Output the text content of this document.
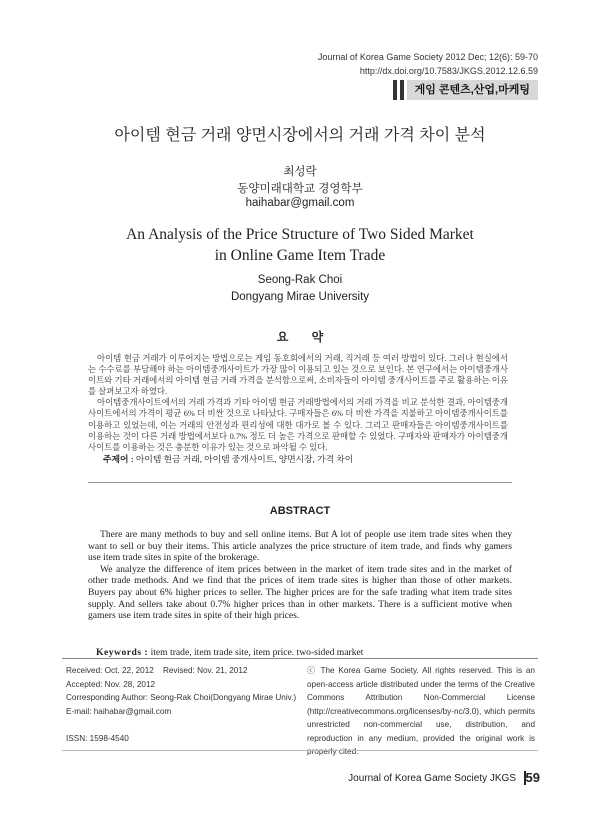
Journal of Korea Game Society 2012 Dec; 12(6): 59-70
http://dx.doi.org/10.7583/JKGS.2012.12.6.59
게임 콘텐츠,산업,마케팅
아이템 현금 거래 양면시장에서의 거래 가격 차이 분석
최성락
동양미래대학교 경영학부
haihabar@gmail.com
An Analysis of the Price Structure of Two Sided Market
in Online Game Item Trade
Seong-Rak Choi
Dongyang Mirae University
요 약

아이템 현금 거래가 이루어지는 방법으로는 게임 동호회에서의 거래, 직거래 등 여러 방법이 있다. 그러나 현실에서는 수수료를 부담해야 하는 아이템중개사이트가 가장 많이 이용되고 있는 것으로 보인다. 본 연구에서는 아이템중개사이트와 기타 거래에서의 아이템 현금 거래 가격을 분석함으로써, 소비자들이 아이템 중개사이트를 주로 활용하는 이유를 살펴보고자 하였다.

아이템중개사이트에서의 거래 가격과 기타 아이템 현금 거래방법에서의 거래 가격을 비교 분석한 결과, 아이템중개사이트에서의 가격이 평균 6% 더 비싼 것으로 나타났다. 구매자들은 6% 더 비싼 가격을 지불하고 아이템중개사이트를 이용하고 있었는데, 이는 거래의 안전성과 편리성에 대한 대가로 볼 수 있다. 그리고 판매자들은 아이템중개사이트를 이용하는 것이 다른 거래 방법에서보다 0.7% 정도 더 높은 가격으로 판매할 수 있었다. 구매자와 판매자가 아이템중개사이트를 이용하는 것은 충분한 이유가 있는 것으로 파악될 수 있다.

주제어 : 아이템 현금 거래, 아이템 중개사이트, 양면시장, 가격 차이
ABSTRACT

There are many methods to buy and sell online items. But A lot of people use item trade sites when they want to sell or buy their items. This article analyzes the price structure of item trade, and finds why gamers use item trade sites in spite of the brokerage.

We analyze the difference of item prices between in the market of item trade sites and in the market of other trade methods. And we find that the prices of item trade sites is higher than those of other markets. Buyers pay about 6% higher prices to seller. The higher prices are for the safe trading what item trade sites supply. And sellers take about 0.7% higher prices than in other markets. There is a sufficient motive when gamers use item trade sites in spite of their high prices.

Keywords : item trade, item trade site, item price. two-sided market
Received: Oct. 22, 2012 Revised: Nov. 21, 2012
Accepted: Nov. 28, 2012
Corresponding Author: Seong-Rak Choi(Dongyang Mirae Univ.)
E-mail: haihabar@gmail.com
ISSN: 1598-4540
ⓒ The Korea Game Society. All rights reserved. This is an open-access article distributed under the terms of the Creative Commons Attribution Non-Commercial License (http://creativecommons.org/licenses/by-nc/3.0), which permits unrestricted non-commercial use, distribution, and reproduction in any medium, provided the original work is properly cited.
Journal of Korea Game Society JKGS 59
